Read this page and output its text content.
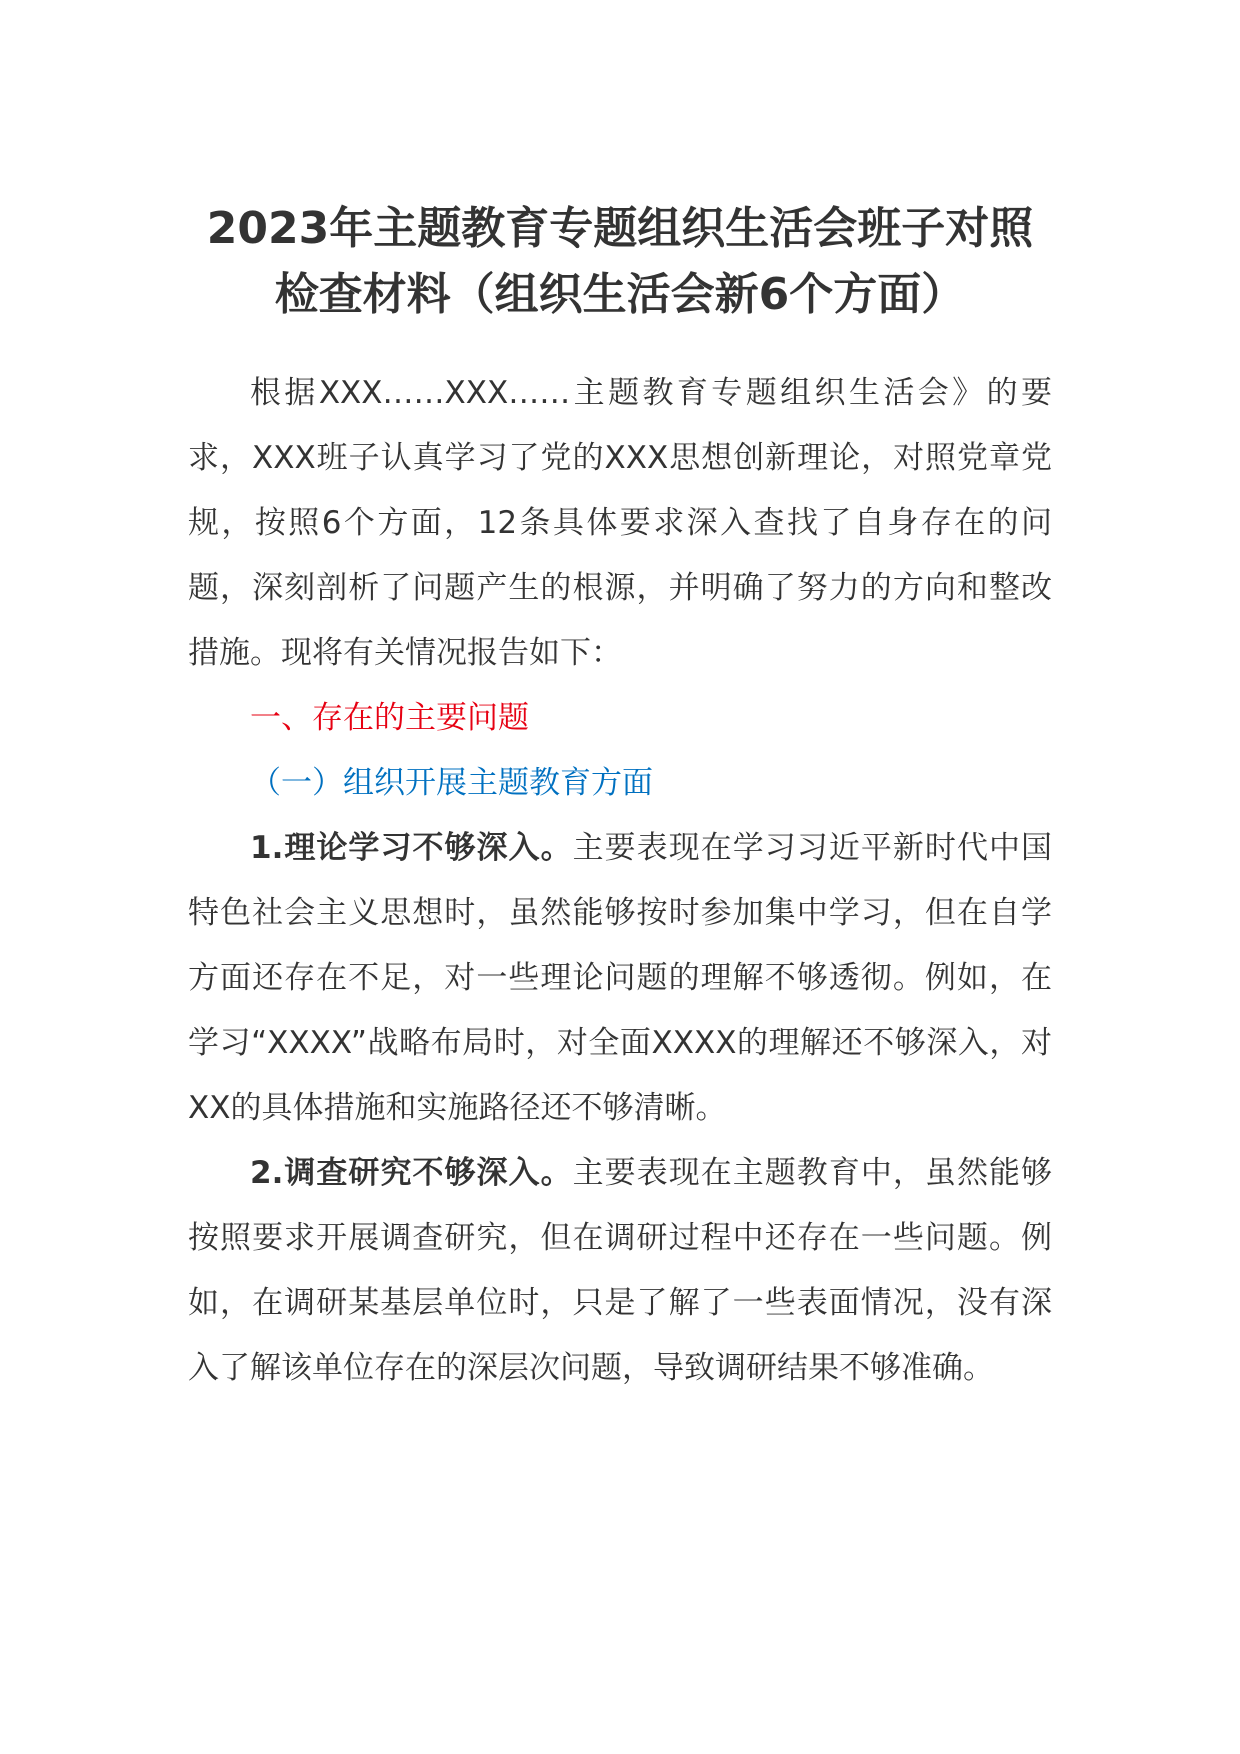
2023年主题教育专题组织生活会班子对照
检查材料（组织生活会新6个方面）

根据XXX……XXX……主题教育专题组织生活会》的要求，XXX班子认真学习了党的XXX思想创新理论，对照党章党规，按照6个方面，12条具体要求深入查找了自身存在的问题，深刻剖析了问题产生的根源，并明确了努力的方向和整改措施。现将有关情况报告如下：

一、存在的主要问题

（一）组织开展主题教育方面

1.理论学习不够深入。主要表现在学习习近平新时代中国特色社会主义思想时，虽然能够按时参加集中学习，但在自学方面还存在不足，对一些理论问题的理解不够透彻。例如，在学习“XXXX”战略布局时，对全面XXXX的理解还不够深入，对XX的具体措施和实施路径还不够清晰。

2.调查研究不够深入。主要表现在主题教育中，虽然能够按照要求开展调查研究，但在调研过程中还存在一些问题。例如，在调研某基层单位时，只是了解了一些表面情况，没有深入了解该单位存在的深层次问题，导致调研结果不够准确。
